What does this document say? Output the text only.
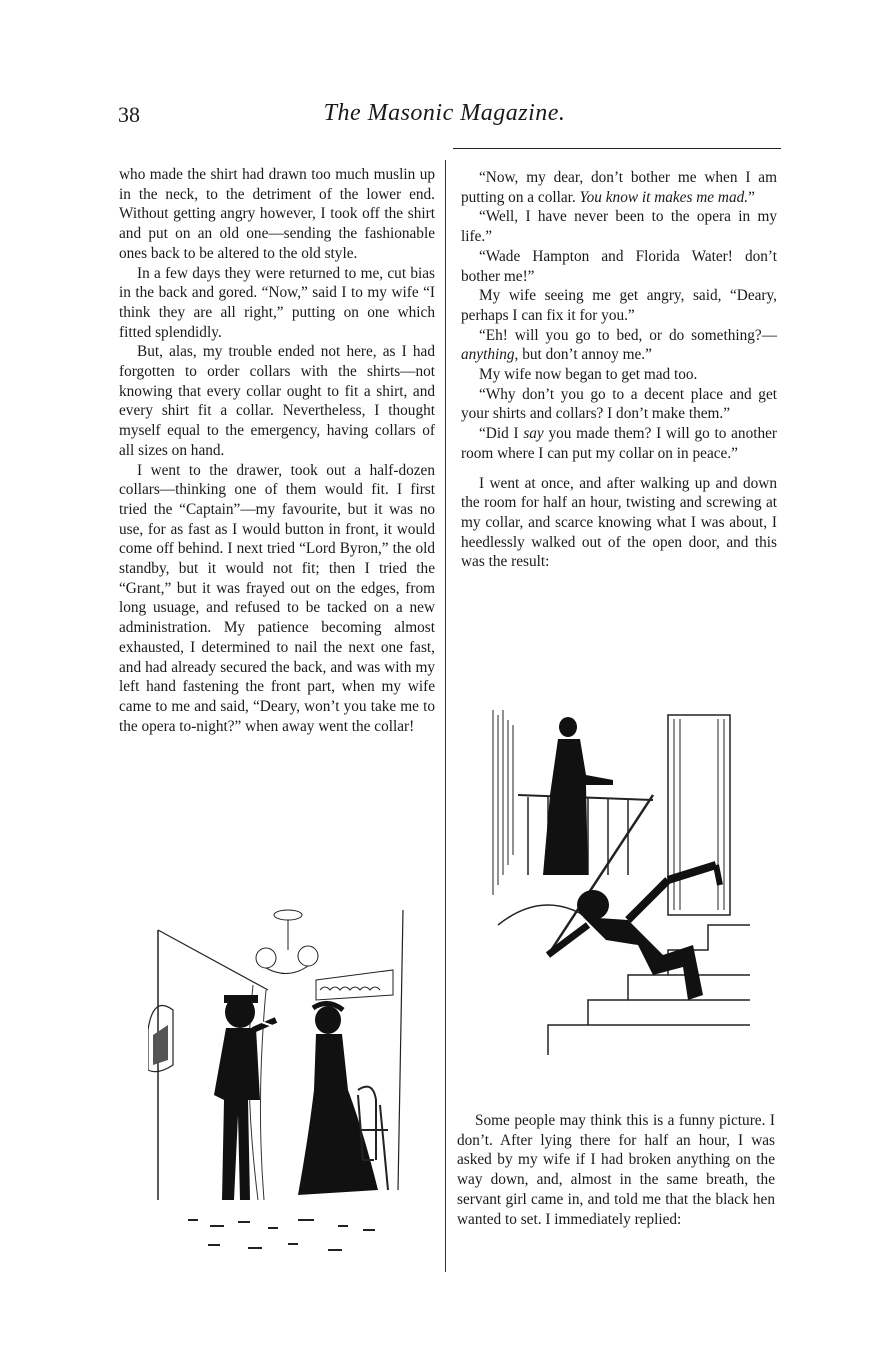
38	The Masonic Magazine.

who made the shirt had drawn too much muslin up in the neck, to the detriment of the lower end. Without getting angry however, I took off the shirt and put on an old one—sending the fashionable ones back to be altered to the old style.

In a few days they were returned to me, cut bias in the back and gored. “Now,” said I to my wife “I think they are all right,” putting on one which fitted splendidly.

But, alas, my trouble ended not here, as I had forgotten to order collars with the shirts—not knowing that every collar ought to fit a shirt, and every shirt fit a collar. Nevertheless, I thought myself equal to the emergency, having collars of all sizes on hand.

I went to the drawer, took out a half-dozen collars—thinking one of them would fit. I first tried the “Captain”—my favourite, but it was no use, for as fast as I would button in front, it would come off behind. I next tried “Lord Byron,” the old standby, but it would not fit; then I tried the “Grant,” but it was frayed out on the edges, from long usuage, and refused to be tacked on a new administration. My patience becoming almost exhausted, I determined to nail the next one fast, and had already secured the back, and was with my left hand fastening the front part, when my wife came to me and said, “Deary, won’t you take me to the opera to-night?” when away went the collar!

“Now, my dear, don’t bother me when I am putting on a collar. You know it makes me mad.”

“Well, I have never been to the opera in my life.”

“Wade Hampton and Florida Water! don’t bother me!”

My wife seeing me get angry, said, “Deary, perhaps I can fix it for you.”

“Eh! will you go to bed, or do something?—anything, but don’t annoy me.”

My wife now began to get mad too.

“Why don’t you go to a decent place and get your shirts and collars? I don’t make them.”

“Did I say you made them? I will go to another room where I can put my collar on in peace.”

I went at once, and after walking up and down the room for half an hour, twisting and screwing at my collar, and scarce knowing what I was about, I heedlessly walked out of the open door, and this was the result:

Some people may think this is a funny picture. I don’t. After lying there for half an hour, I was asked by my wife if I had broken anything on the way down, and, almost in the same breath, the servant girl came in, and told me that the black hen wanted to set. I immediately replied:
